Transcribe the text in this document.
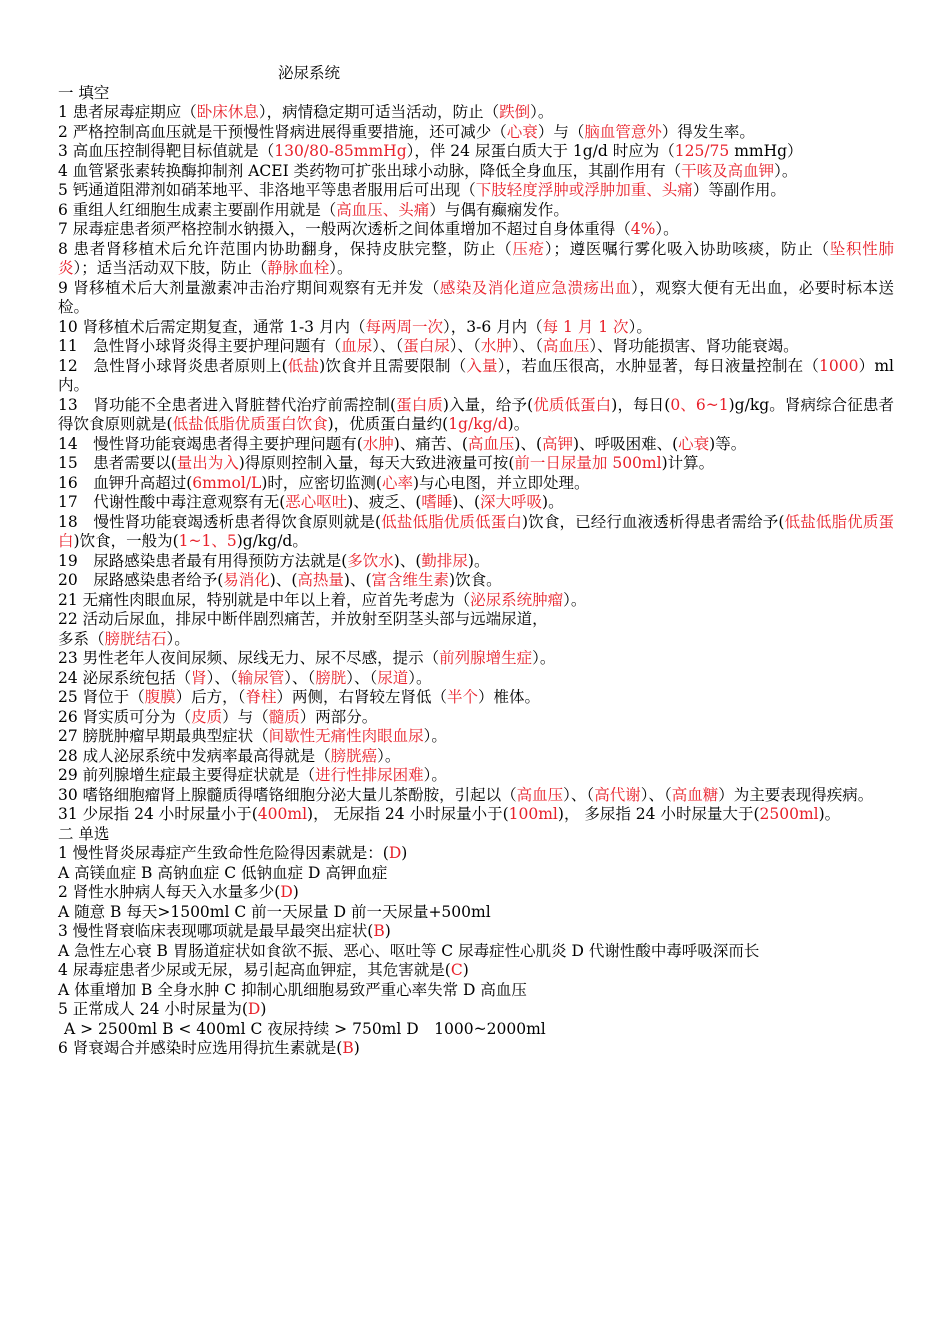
泌尿系统
一 填空
1 患者尿毒症期应（卧床休息），病情稳定期可适当活动，防止（跌倒）。
2 严格控制高血压就是干预慢性肾病进展得重要措施，还可减少（心衰）与（脑血管意外）得发生率。
3 高血压控制得靶目标值就是（130/80-85mmHg），伴 24 尿蛋白质大于 1g/d 时应为（125/75 mmHg）
4 血管紧张素转换酶抑制剂 ACEI 类药物可扩张出球小动脉，降低全身血压，其副作用有（干咳及高血钾）。
5 钙通道阻滞剂如硝苯地平、非洛地平等患者服用后可出现（下肢轻度浮肿或浮肿加重、头痛）等副作用。
6 重组人红细胞生成素主要副作用就是（高血压、头痛）与偶有癫痫发作。
7 尿毒症患者须严格控制水钠摄入，一般两次透析之间体重增加不超过自身体重得（4%）。
8 患者肾移植术后允许范围内协助翻身，保持皮肤完整，防止（压疮）；遵医嘱行雾化吸入协助咳痰，防止（坠积性肺炎）；适当活动双下肢，防止（静脉血栓）。
9 肾移植术后大剂量激素冲击治疗期间观察有无并发（感染及消化道应急溃疡出血），观察大便有无出血，必要时标本送检。
10 肾移植术后需定期复查，通常 1-3 月内（每两周一次），3-6 月内（每 1 月 1 次）。
11　急性肾小球肾炎得主要护理问题有（血尿）、（蛋白尿）、（水肿）、（高血压）、肾功能损害、肾功能衰竭。
12　急性肾小球肾炎患者原则上(低盐)饮食并且需要限制（入量），若血压很高，水肿显著，每日液量控制在（1000）ml 内。
13　肾功能不全患者进入肾脏替代治疗前需控制(蛋白质)入量，给予(优质低蛋白)，每日(0、6~1)g/kg。肾病综合征患者得饮食原则就是(低盐低脂优质蛋白饮食)，优质蛋白量约(1g/kg/d)。
14　慢性肾功能衰竭患者得主要护理问题有(水肿)、痛苦、(高血压)、(高钾)、呼吸困难、(心衰)等。
15　患者需要以(量出为入)得原则控制入量，每天大致进液量可按(前一日尿量加 500ml)计算。
16　血钾升高超过(6mmol/L)时，应密切监测(心率)与心电图，并立即处理。
17　代谢性酸中毒注意观察有无(恶心呕吐)、疲乏、(嗜睡)、(深大呼吸)。
18　慢性肾功能衰竭透析患者得饮食原则就是(低盐低脂优质低蛋白)饮食，已经行血液透析得患者需给予(低盐低脂优质蛋白)饮食，一般为(1~1、5)g/kg/d。
19　尿路感染患者最有用得预防方法就是(多饮水)、(勤排尿)。
20　尿路感染患者给予(易消化)、(高热量)、(富含维生素)饮食。
21 无痛性肉眼血尿，特别就是中年以上着，应首先考虑为（泌尿系统肿瘤）。
22 活动后尿血，排尿中断伴剧烈痛苦，并放射至阴茎头部与远端尿道，
多系（膀胱结石）。
23 男性老年人夜间尿频、尿线无力、尿不尽感，提示（前列腺增生症）。
24 泌尿系统包括（肾）、（输尿管）、（膀胱）、（尿道）。
25 肾位于（腹膜）后方，（脊柱）两侧，右肾较左肾低（半个）椎体。
26 肾实质可分为（皮质）与（髓质）两部分。
27 膀胱肿瘤早期最典型症状（间歇性无痛性肉眼血尿）。
28 成人泌尿系统中发病率最高得就是（膀胱癌）。
29 前列腺增生症最主要得症状就是（进行性排尿困难）。
30 嗜铬细胞瘤肾上腺髓质得嗜铬细胞分泌大量儿茶酚胺，引起以（高血压）、（高代谢）、（高血糖）为主要表现得疾病。
31 少尿指 24 小时尿量小于(400ml)， 无尿指 24 小时尿量小于(100ml)， 多尿指 24 小时尿量大于(2500ml)。
二 单选
1 慢性肾炎尿毒症产生致命性危险得因素就是：(D)
A 高镁血症 B 高钠血症 C 低钠血症 D 高钾血症
2 肾性水肿病人每天入水量多少(D)
A 随意 B 每天>1500ml C 前一天尿量 D 前一天尿量+500ml
3 慢性肾衰临床表现哪项就是最早最突出症状(B)
A 急性左心衰 B 胃肠道症状如食欲不振、恶心、呕吐等 C 尿毒症性心肌炎 D 代谢性酸中毒呼吸深而长
4 尿毒症患者少尿或无尿，易引起高血钾症，其危害就是(C)
A 体重增加 B 全身水肿 C 抑制心肌细胞易致严重心率失常 D 高血压
5 正常成人 24 小时尿量为(D)
A > 2500ml B < 400ml C 夜尿持续 > 750ml D　1000~2000ml
6 肾衰竭合并感染时应选用得抗生素就是(B)
